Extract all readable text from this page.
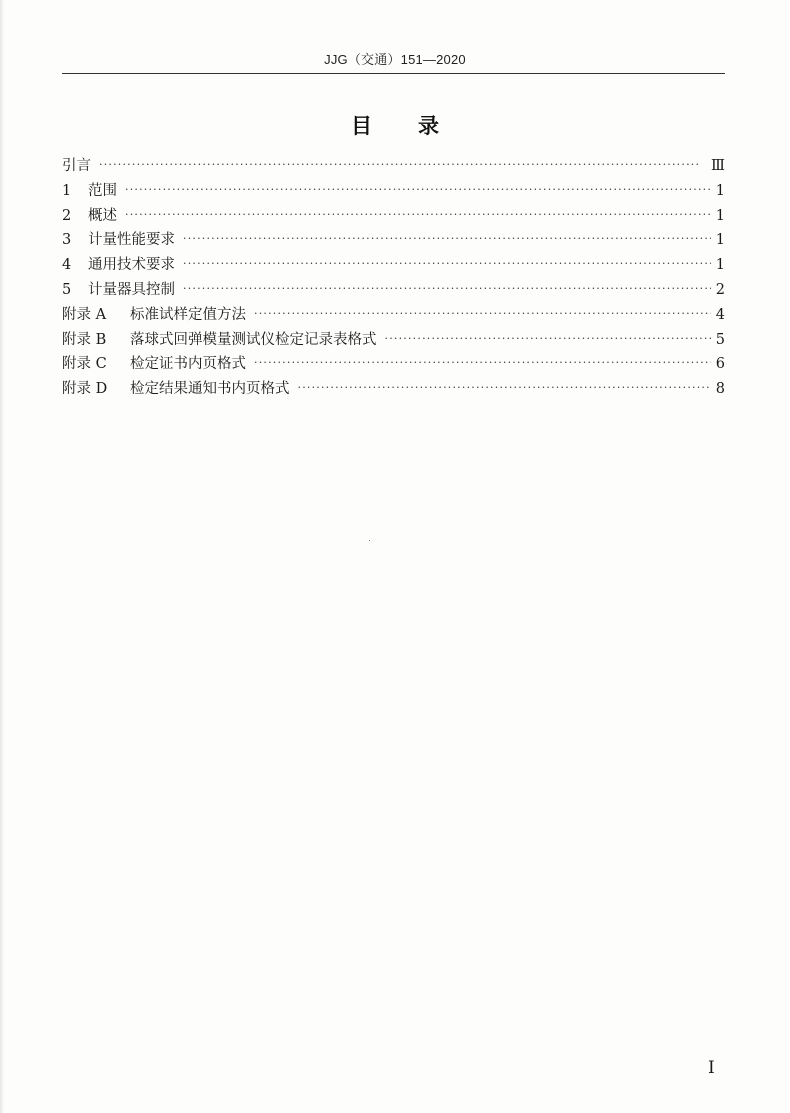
JJG（交通）151—2020
目 录
引言 ·····	Ⅲ
1	范围 ·····	1
2	概述 ·····	1
3	计量性能要求 ·····	1
4	通用技术要求 ·····	1
5	计量器具控制 ·····	2
附录 A	标准试样定值方法 ·····	4
附录 B	落球式回弹模量测试仪检定记录表格式 ·····	5
附录 C	检定证书内页格式 ·····	6
附录 D	检定结果通知书内页格式 ·····	8
I
